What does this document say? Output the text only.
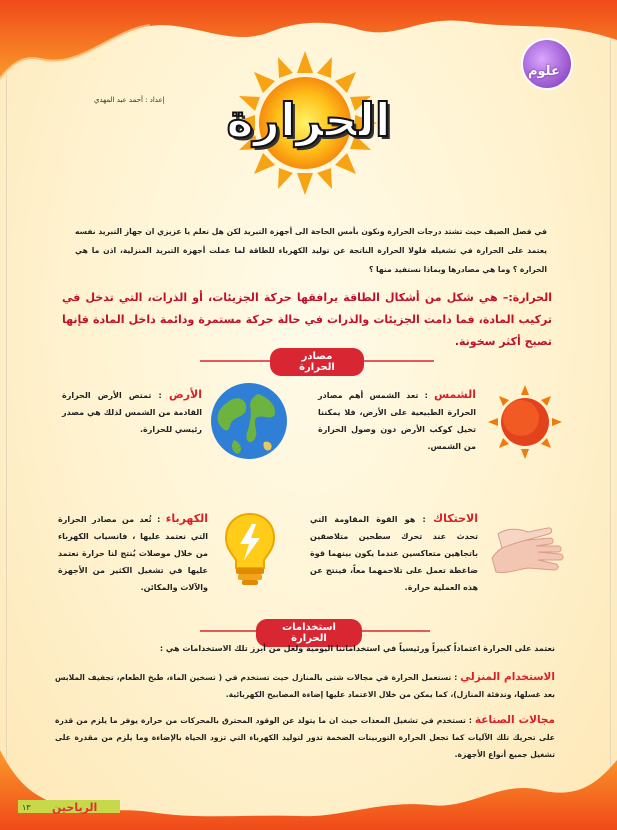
علوم
إعداد : أحمد عبد المهدي	الحرارة
في فصل الصيف حيث تشتد درجات الحرارة ونكون بأمس الحاجة الى أجهزة التبريد لكن هل تعلم يا عزيزي ان جهاز التبريد نفسه يعتمد على الحرارة في تشغيله فلولا الحرارة الناتجة عن توليد الكهرباء للطاقة لما عملت أجهزة التبريد المنزلية، اذن ما هي الحرارة ؟ وما هي مصادرها وبماذا نستفيد منها ؟
الحرارة:– هي شكل من أشكال الطاقة يرافقها حركة الجزيئات، أو الذرات، التي تدخل في تركيب المادة، فما دامت الجزيئات والذرات في حالة حركة مستمرة ودائمة داخل المادة فإنها تصبح أكثر سخونة.
مصادر الحرارة
الشمس : تعد الشمس أهم مصادر الحرارة الطبيعية على الأرض، فلا يمكننا تخيل كوكب الأرض دون وصول الحرارة من الشمس.
الأرض : تمتص الأرض الحرارة القادمة من الشمس لذلك هي مصدر رئيسي للحرارة.
الاحتكاك : هو القوة المقاومة التي تحدث عند تحرك سطحين متلاصقين باتجاهين متعاكسين عندما يكون بينهما قوة ضاغطة تعمل على تلاحمهما معاً، فينتج عن هذه العملية حرارة.
الكهرباء : تُعد من مصادر الحرارة التي نعتمد عليها ، فانسياب الكهرباء من خلال موصلات يُنتج لنا حرارة نعتمد عليها في تشغيل الكثير من الأجهزة والآلات والمكائن.
استخدامات الحرارة
نعتمد على الحرارة اعتماداً كبيراً ورئيسياً في استخداماتنا اليومية ولعل من أبرز تلك الاستخدامات هي :
الاستخدام المنزلي : تستعمل الحرارة في مجالات شتى بالمنازل حيث تستخدم في ( تسخين الماء، طبخ الطعام، تجفيف الملابس بعد غسلها، وتدفئة المنازل)، كما يمكن من خلال الاعتماد عليها إضاءة المصابيح الكهربائية.
مجالات الصناعة : تستخدم في تشغيل المعدات حيث ان ما يتولد عن الوقود المحترق بالمحركات من حرارة يوفر ما يلزم من قدرة على تحريك تلك الآليات كما تجعل الحرارة التوربينات الضخمة تدور لتوليد الكهرباء التي تزود الحياة بالإضاءة وما يلزم من مقدرة على تشغيل جميع أنواع الأجهزة.
الرياحين
١٣
